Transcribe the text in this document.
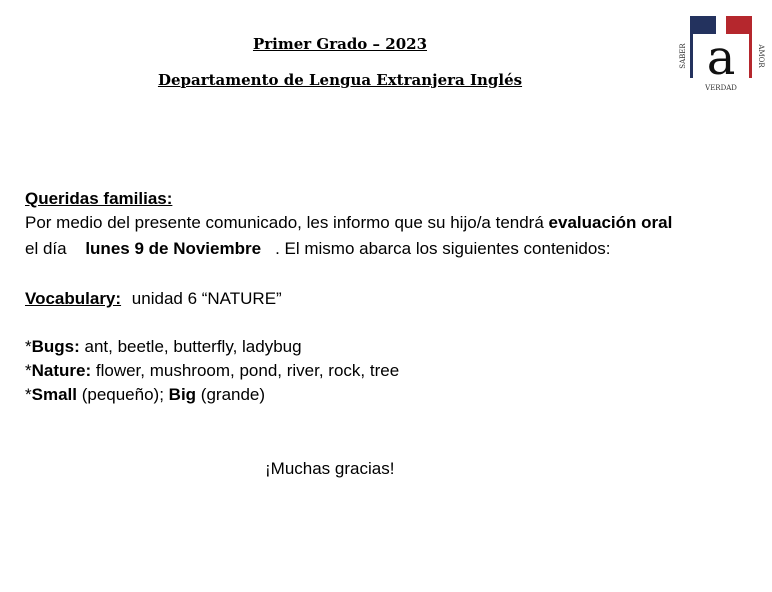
Primer Grado – 2023
Departamento de Lengua Extranjera Inglés	a
SABER	AMOR
VERDAD
Queridas familias:
Por medio del presente comunicado, les informo que su hijo/a tendrá evaluación oral
el día lunes 9 de Noviembre . El mismo abarca los siguientes contenidos:
Vocabulary: unidad 6 “NATURE”
*Bugs: ant, beetle, butterfly, ladybug
*Nature: flower, mushroom, pond, river, rock, tree
*Small (pequeño); Big (grande)
¡Muchas gracias!
